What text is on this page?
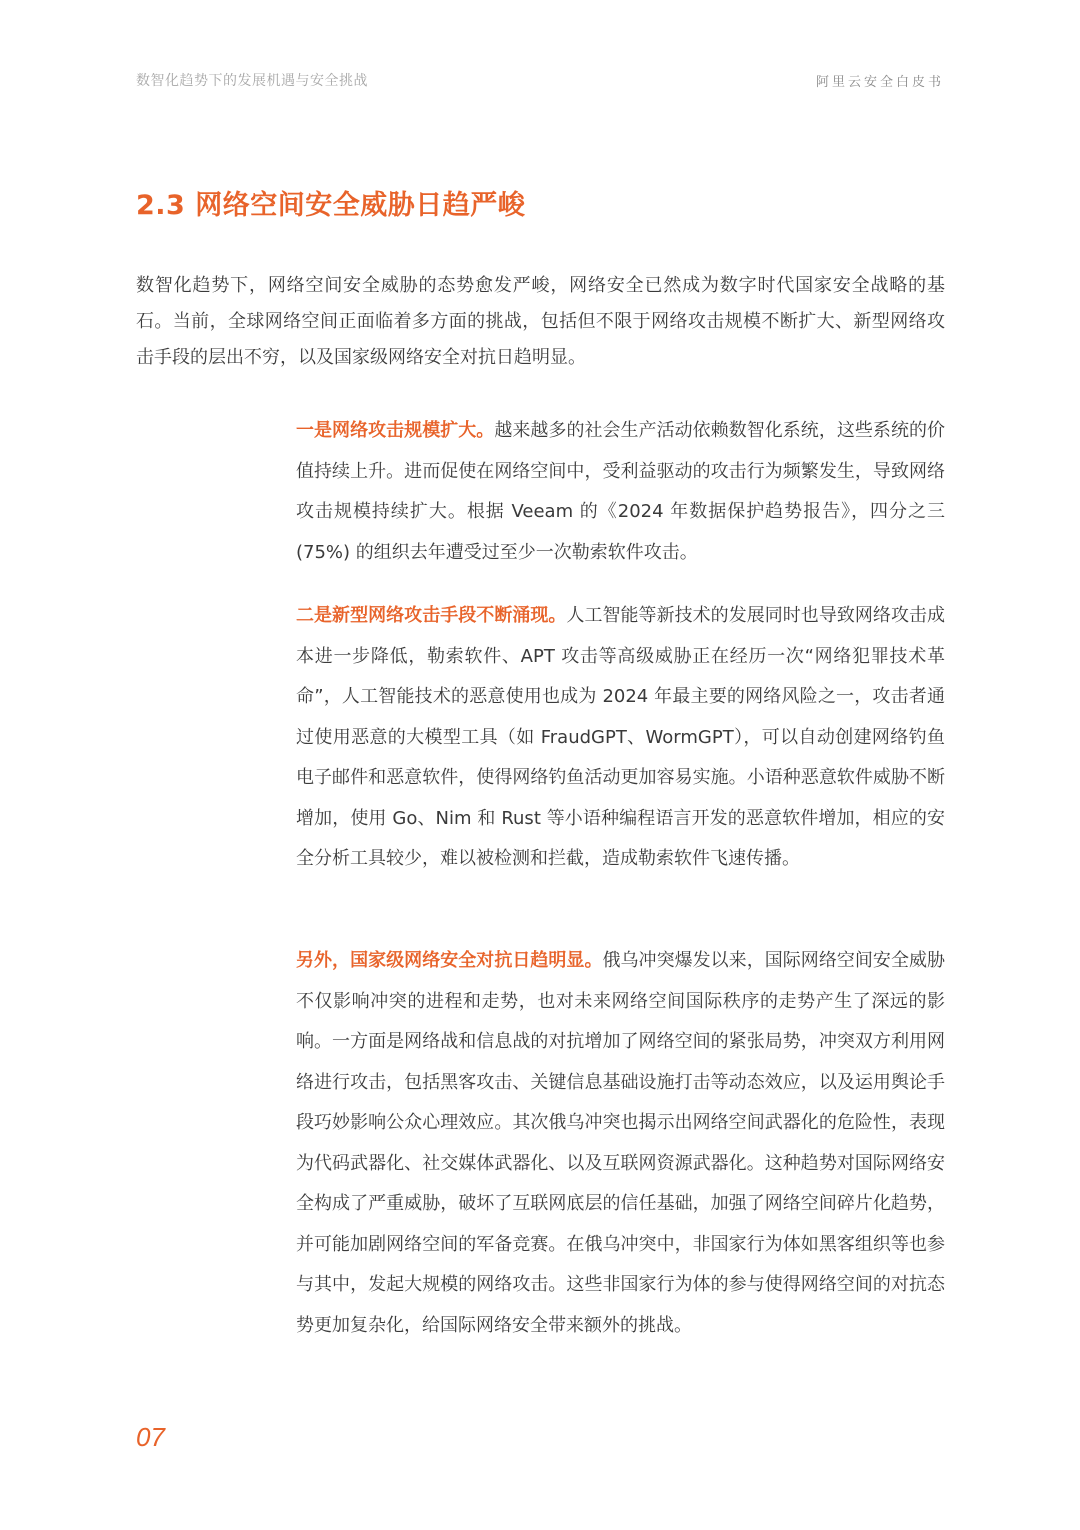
数智化趋势下的发展机遇与安全挑战	阿里云安全白皮书
2.3 网络空间安全威胁日趋严峻

数智化趋势下，网络空间安全威胁的态势愈发严峻，网络安全已然成为数字时代国家安全战略的基石。当前，全球网络空间正面临着多方面的挑战，包括但不限于网络攻击规模不断扩大、新型网络攻击手段的层出不穷，以及国家级网络安全对抗日趋明显。

一是网络攻击规模扩大。越来越多的社会生产活动依赖数智化系统，这些系统的价值持续上升。进而促使在网络空间中，受利益驱动的攻击行为频繁发生，导致网络攻击规模持续扩大。根据 Veeam 的《2024 年数据保护趋势报告》，四分之三 (75%) 的组织去年遭受过至少一次勒索软件攻击。

二是新型网络攻击手段不断涌现。人工智能等新技术的发展同时也导致网络攻击成本进一步降低，勒索软件、APT 攻击等高级威胁正在经历一次“网络犯罪技术革命”，人工智能技术的恶意使用也成为 2024 年最主要的网络风险之一，攻击者通过使用恶意的大模型工具（如 FraudGPT、WormGPT），可以自动创建网络钓鱼电子邮件和恶意软件，使得网络钓鱼活动更加容易实施。小语种恶意软件威胁不断增加，使用 Go、Nim 和 Rust 等小语种编程语言开发的恶意软件增加，相应的安全分析工具较少，难以被检测和拦截，造成勒索软件飞速传播。

另外，国家级网络安全对抗日趋明显。俄乌冲突爆发以来，国际网络空间安全威胁不仅影响冲突的进程和走势，也对未来网络空间国际秩序的走势产生了深远的影响。一方面是网络战和信息战的对抗增加了网络空间的紧张局势，冲突双方利用网络进行攻击，包括黑客攻击、关键信息基础设施打击等动态效应，以及运用舆论手段巧妙影响公众心理效应。其次俄乌冲突也揭示出网络空间武器化的危险性，表现为代码武器化、社交媒体武器化、以及互联网资源武器化。这种趋势对国际网络安全构成了严重威胁，破坏了互联网底层的信任基础，加强了网络空间碎片化趋势，并可能加剧网络空间的军备竞赛。在俄乌冲突中，非国家行为体如黑客组织等也参与其中，发起大规模的网络攻击。这些非国家行为体的参与使得网络空间的对抗态势更加复杂化，给国际网络安全带来额外的挑战。

07
